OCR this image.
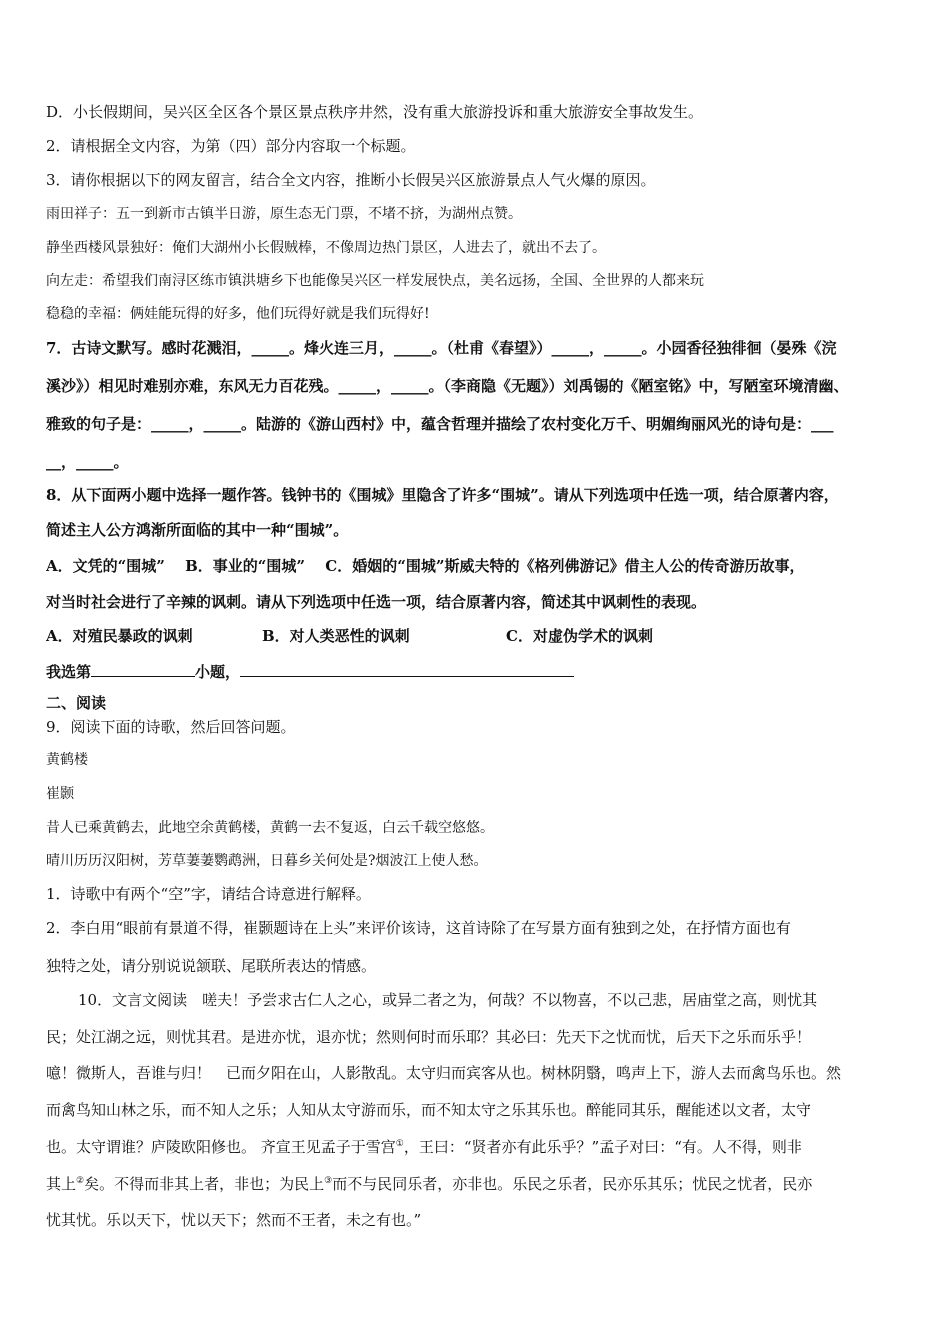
D．小长假期间，吴兴区全区各个景区景点秩序井然，没有重大旅游投诉和重大旅游安全事故发生。
2．请根据全文内容，为第（四）部分内容取一个标题。
3．请你根据以下的网友留言，结合全文内容，推断小长假吴兴区旅游景点人气火爆的原因。
雨田祥子：五一到新市古镇半日游，原生态无门票，不堵不挤，为湖州点赞。
静坐西楼风景独好：俺们大湖州小长假贼棒，不像周边热门景区，人进去了，就出不去了。
向左走：希望我们南浔区练市镇洪塘乡下也能像吴兴区一样发展快点，美名远扬，全国、全世界的人都来玩
稳稳的幸福：俩娃能玩得的好多，他们玩得好就是我们玩得好!
7．古诗文默写。感时花溅泪，_____。烽火连三月，_____。（杜甫《春望》）_____，_____。小园香径独徘徊（晏殊《浣
溪沙》）相见时难别亦难，东风无力百花残。_____，_____。（李商隐《无题》）刘禹锡的《陋室铭》中，写陋室环境清幽、
雅致的句子是：_____，_____。陆游的《游山西村》中，蕴含哲理并描绘了农村变化万千、明媚绚丽风光的诗句是：___
__，_____。
8．从下面两小题中选择一题作答。钱钟书的《围城》里隐含了许多“围城”。请从下列选项中任选一项，结合原著内容，
简述主人公方鸿渐所面临的其中一种“围城”。
A．文凭的“围城”　 B．事业的“围城”　 C．婚姻的“围城”斯威夫特的《格列佛游记》借主人公的传奇游历故事，
对当时社会进行了辛辣的讽刺。请从下列选项中任选一项，结合原著内容，简述其中讽刺性的表现。
A．对殖民暴政的讽刺	B．对人类恶性的讽刺	C．对虚伪学术的讽刺
我选第	小题，
二、阅读
9．阅读下面的诗歌，然后回答问题。
黄鹤楼
崔颢
昔人已乘黄鹤去，此地空余黄鹤楼，黄鹤一去不复返，白云千载空悠悠。
晴川历历汉阳树，芳草萋萋鹦鹉洲，日暮乡关何处是?烟波江上使人愁。
1．诗歌中有两个“空”字，请结合诗意进行解释。
2．李白用“眼前有景道不得，崔颢题诗在上头”来评价该诗，这首诗除了在写景方面有独到之处，在抒情方面也有
独特之处，请分别说说颔联、尾联所表达的情感。
10．文言文阅读　嗟夫！予尝求古仁人之心，或异二者之为，何哉？不以物喜，不以己悲，居庙堂之高，则忧其
民；处江湖之远，则忧其君。是进亦忧，退亦忧；然则何时而乐耶？其必曰：先天下之忧而忧，后天下之乐而乐乎！
噫！微斯人，吾谁与归！　已而夕阳在山，人影散乱。太守归而宾客从也。树林阴翳，鸣声上下，游人去而禽鸟乐也。然
而禽鸟知山林之乐，而不知人之乐；人知从太守游而乐，而不知太守之乐其乐也。醉能同其乐，醒能述以文者，太守
也。太守谓谁？庐陵欧阳修也。 齐宣王见孟子于雪宫①，王曰：“贤者亦有此乐乎？”孟子对曰：“有。人不得，则非
其上②矣。不得而非其上者，非也；为民上③而不与民同乐者，亦非也。乐民之乐者，民亦乐其乐；忧民之忧者，民亦
忧其忧。乐以天下，忧以天下；然而不王者，未之有也。”
